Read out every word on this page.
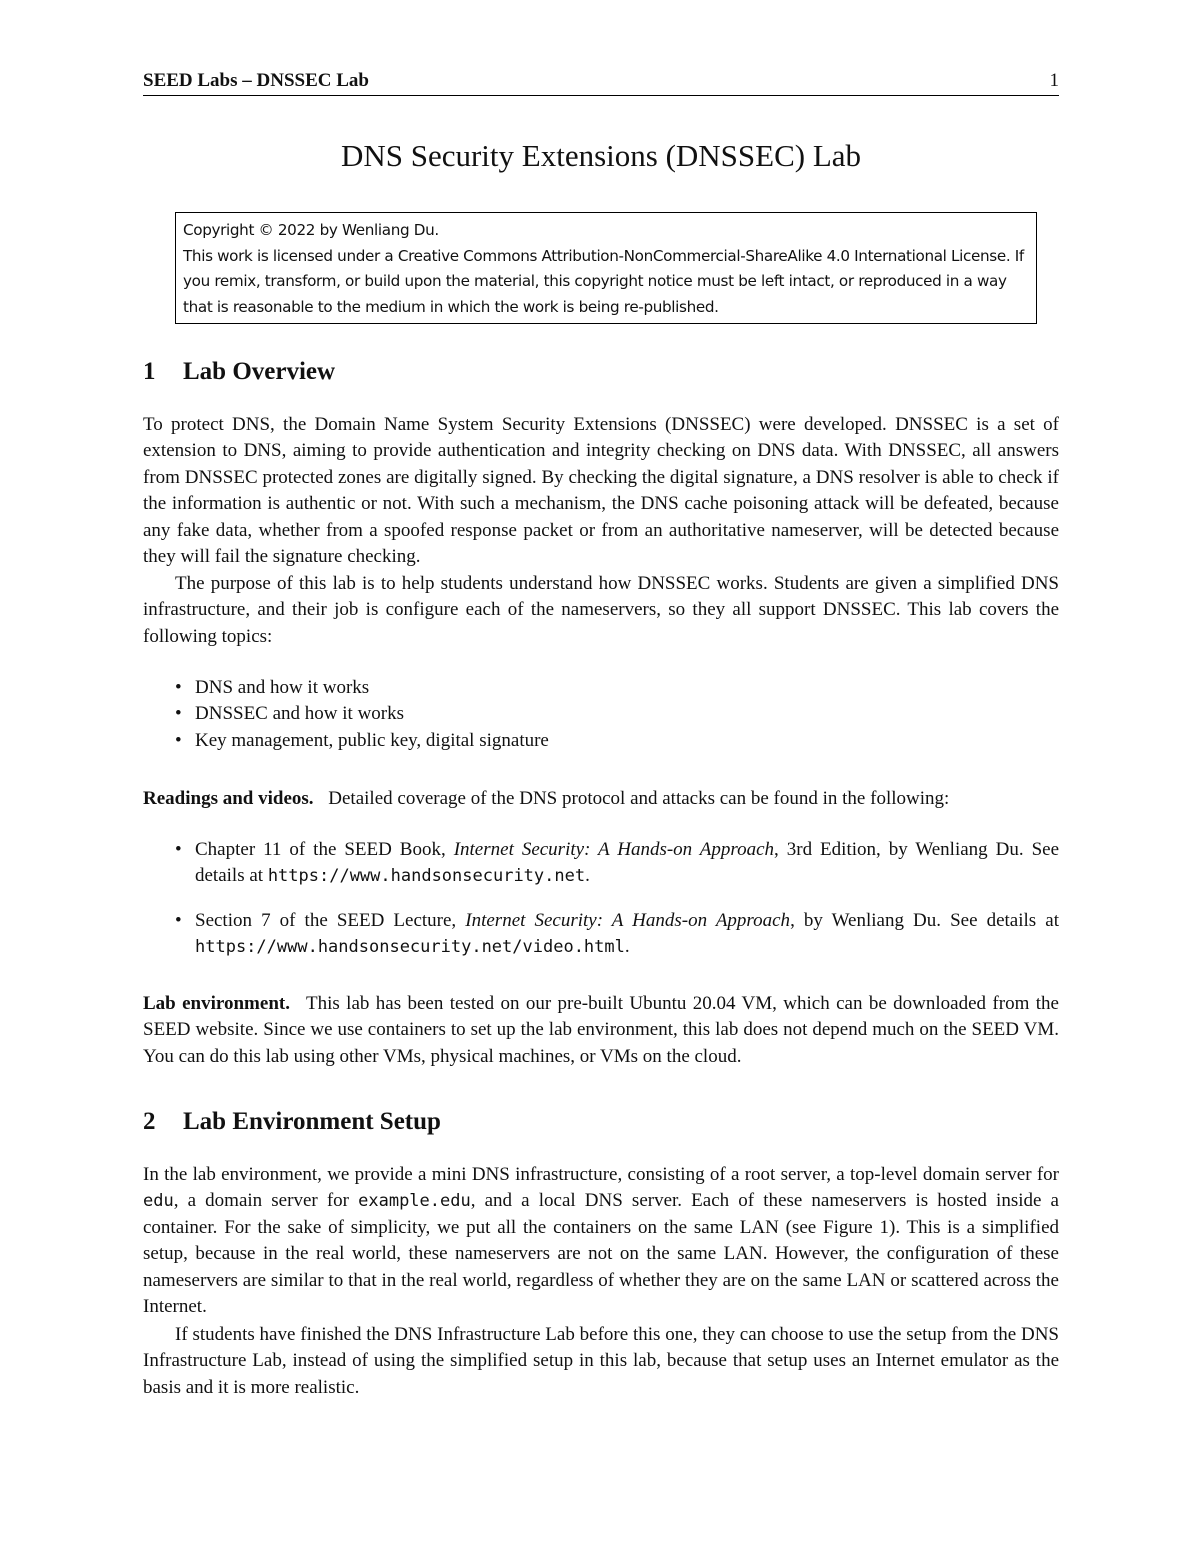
SEED Labs – DNSSEC Lab	1
DNS Security Extensions (DNSSEC) Lab
Copyright © 2022 by Wenliang Du.
This work is licensed under a Creative Commons Attribution-NonCommercial-ShareAlike 4.0 International License. If you remix, transform, or build upon the material, this copyright notice must be left intact, or reproduced in a way that is reasonable to the medium in which the work is being re-published.
1 Lab Overview

To protect DNS, the Domain Name System Security Extensions (DNSSEC) were developed. DNSSEC is a set of extension to DNS, aiming to provide authentication and integrity checking on DNS data. With DNSSEC, all answers from DNSSEC protected zones are digitally signed. By checking the digital signature, a DNS resolver is able to check if the information is authentic or not. With such a mechanism, the DNS cache poisoning attack will be defeated, because any fake data, whether from a spoofed response packet or from an authoritative nameserver, will be detected because they will fail the signature checking.

The purpose of this lab is to help students understand how DNSSEC works. Students are given a simplified DNS infrastructure, and their job is configure each of the nameservers, so they all support DNSSEC. This lab covers the following topics:

• DNS and how it works
• DNSSEC and how it works
• Key management, public key, digital signature

Readings and videos. Detailed coverage of the DNS protocol and attacks can be found in the following:

• Chapter 11 of the SEED Book, Internet Security: A Hands-on Approach, 3rd Edition, by Wenliang Du. See details at https://www.handsonsecurity.net.
• Section 7 of the SEED Lecture, Internet Security: A Hands-on Approach, by Wenliang Du. See details at https://www.handsonsecurity.net/video.html.

Lab environment. This lab has been tested on our pre-built Ubuntu 20.04 VM, which can be downloaded from the SEED website. Since we use containers to set up the lab environment, this lab does not depend much on the SEED VM. You can do this lab using other VMs, physical machines, or VMs on the cloud.

2 Lab Environment Setup

In the lab environment, we provide a mini DNS infrastructure, consisting of a root server, a top-level domain server for edu, a domain server for example.edu, and a local DNS server. Each of these nameservers is hosted inside a container. For the sake of simplicity, we put all the containers on the same LAN (see Figure 1). This is a simplified setup, because in the real world, these nameservers are not on the same LAN. However, the configuration of these nameservers are similar to that in the real world, regardless of whether they are on the same LAN or scattered across the Internet.

If students have finished the DNS Infrastructure Lab before this one, they can choose to use the setup from the DNS Infrastructure Lab, instead of using the simplified setup in this lab, because that setup uses an Internet emulator as the basis and it is more realistic.
